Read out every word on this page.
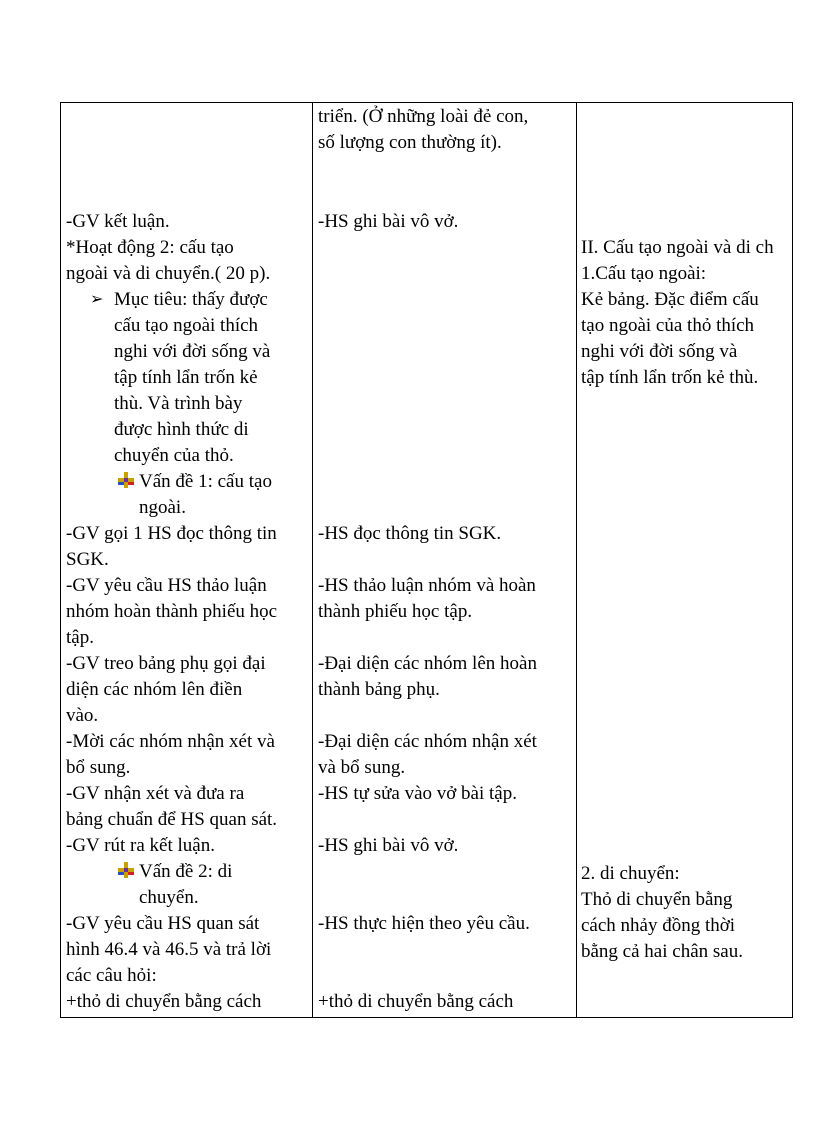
triển. (Ở những loài đẻ con,
số lượng con thường ít).
-HS ghi bài vô vở.
-HS đọc thông tin SGK.
-HS thảo luận nhóm và hoàn
thành phiếu học tập.
-Đại diện các nhóm lên hoàn
thành bảng phụ.
-Đại diện các nhóm nhận xét
và bổ sung.
-HS tự sửa vào vở bài tập.
-HS ghi bài vô vở.
-HS thực hiện theo yêu cầu.
+thỏ di chuyển bằng cách
-GV kết luận.
*Hoạt động 2: cấu tạo
ngoài và di chuyển.( 20 p).
➢ Mục tiêu: thấy được
cấu tạo ngoài thích
nghi với đời sống và
tập tính lẩn trốn kẻ
thù. Và trình bày
được hình thức di
chuyển của thỏ.
Vấn đề 1: cấu tạo
ngoài.
-GV gọi 1 HS đọc thông tin
SGK.
-GV yêu cầu HS thảo luận
nhóm hoàn thành phiếu học
tập.
-GV treo bảng phụ gọi đại
diện các nhóm lên điền
vào.
-Mời các nhóm nhận xét và
bổ sung.
-GV nhận xét và đưa ra
bảng chuẩn để HS quan sát.
-GV rút ra kết luận.
Vấn đề 2: di
chuyển.
-GV yêu cầu HS quan sát
hình 46.4 và 46.5 và trả lời
các câu hỏi:
+thỏ di chuyển bằng cách
II. Cấu tạo ngoài và di ch
1.Cấu tạo ngoài:
Kẻ bảng. Đặc điểm cấu
tạo ngoài của thỏ thích
nghi với đời sống và
tập tính lẩn trốn kẻ thù.
2. di chuyển:
Thỏ di chuyển bằng
cách nhảy đồng thời
bằng cả hai chân sau.
